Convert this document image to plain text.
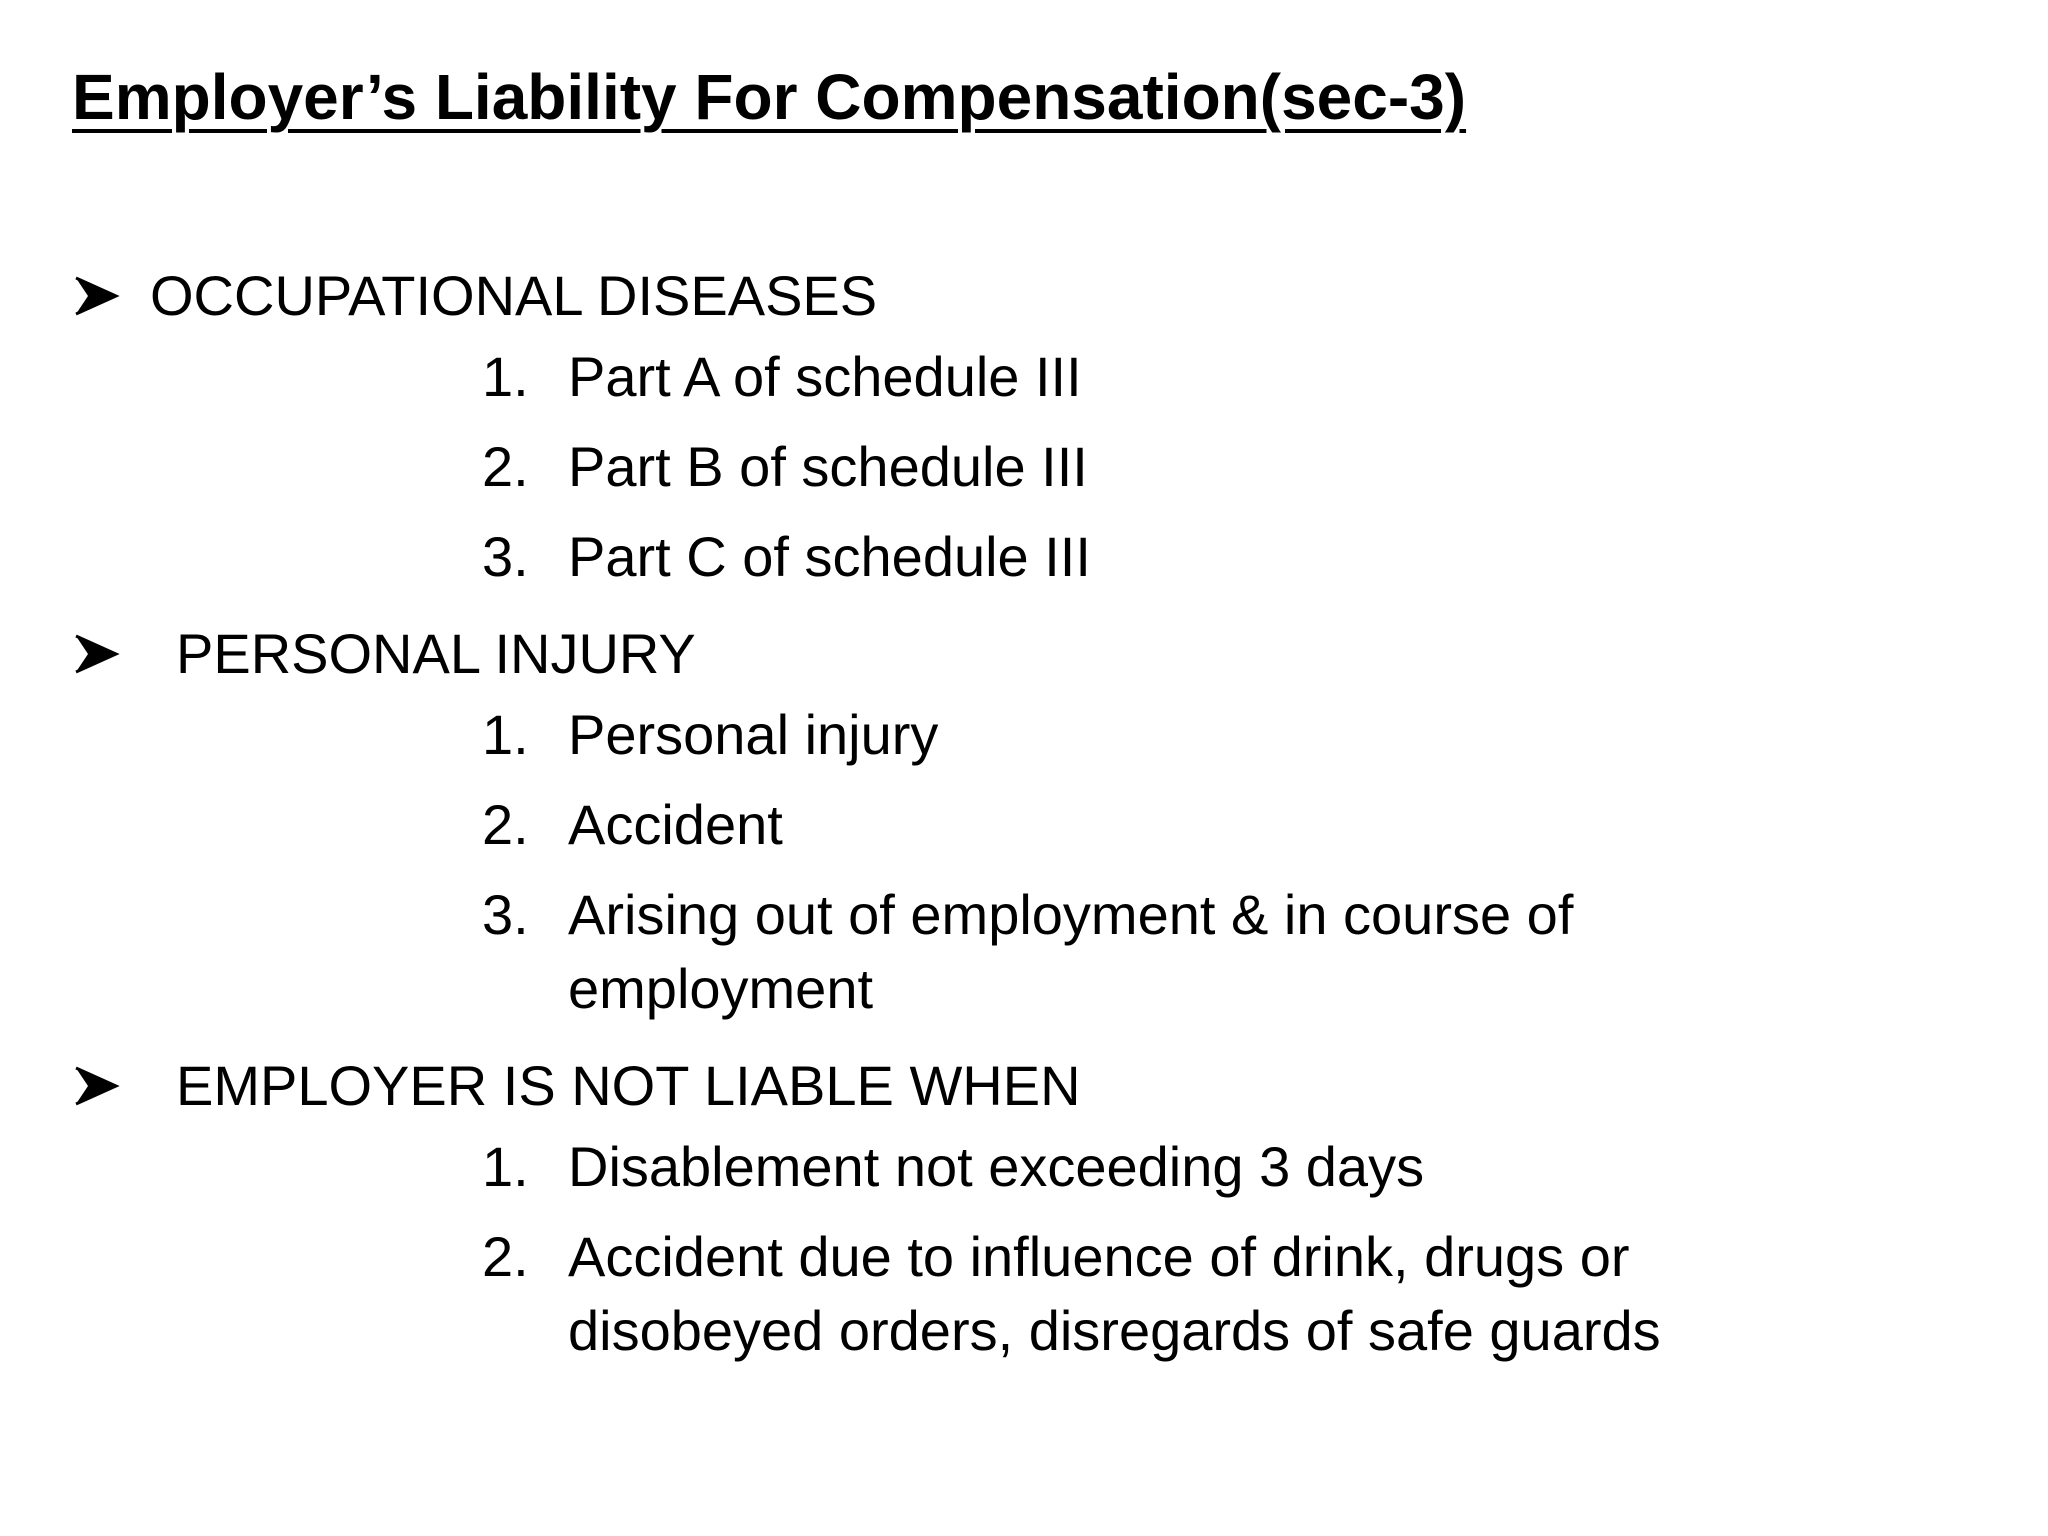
Employer’s Liability For Compensation(sec-3)
OCCUPATIONAL DISEASES
1. Part A of schedule III
2. Part B of schedule III
3. Part C of schedule III
PERSONAL INJURY
1. Personal injury
2. Accident
3. Arising out of employment & in course of employment
EMPLOYER IS NOT LIABLE WHEN
1. Disablement not exceeding 3 days
2. Accident due to influence of drink, drugs or disobeyed orders, disregards of safe guards
